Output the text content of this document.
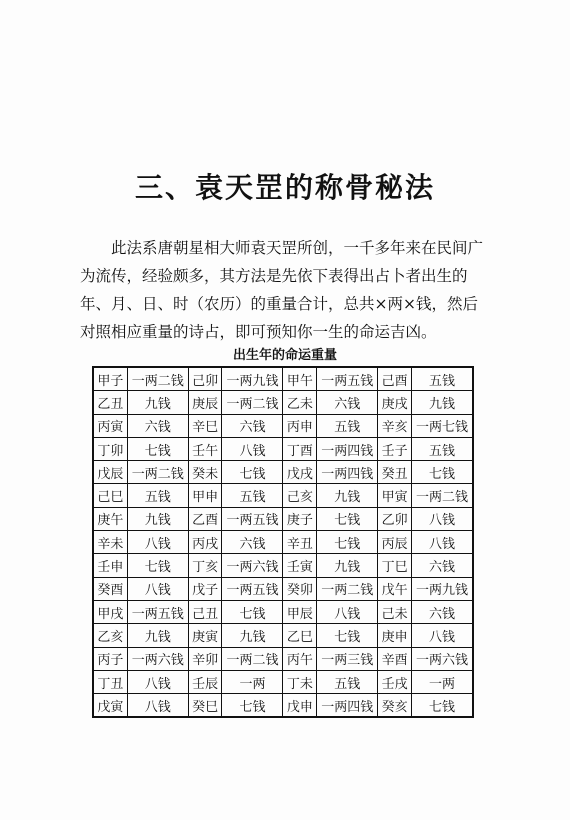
三、袁天罡的称骨秘法
此法系唐朝星相大师袁天罡所创，一千多年来在民间广
为流传，经验颇多，其方法是先依下表得出占卜者出生的
年、月、日、时（农历）的重量合计，总共×两×钱，然后
对照相应重量的诗占，即可预知你一生的命运吉凶。
出生年的命运重量
甲子	一两二钱	己卯	一两九钱	甲午	一两五钱	己酉	五钱
乙丑	九钱	庚辰	一两二钱	乙未	六钱	庚戌	九钱
丙寅	六钱	辛巳	六钱	丙申	五钱	辛亥	一两七钱
丁卯	七钱	壬午	八钱	丁酉	一两四钱	壬子	五钱
戊辰	一两二钱	癸未	七钱	戊戌	一两四钱	癸丑	七钱
己巳	五钱	甲申	五钱	己亥	九钱	甲寅	一两二钱
庚午	九钱	乙酉	一两五钱	庚子	七钱	乙卯	八钱
辛未	八钱	丙戌	六钱	辛丑	七钱	丙辰	八钱
壬申	七钱	丁亥	一两六钱	壬寅	九钱	丁巳	六钱
癸酉	八钱	戊子	一两五钱	癸卯	一两二钱	戊午	一两九钱
甲戌	一两五钱	己丑	七钱	甲辰	八钱	己未	六钱
乙亥	九钱	庚寅	九钱	乙巳	七钱	庚申	八钱
丙子	一两六钱	辛卯	一两二钱	丙午	一两三钱	辛酉	一两六钱
丁丑	八钱	壬辰	一两	丁未	五钱	壬戌	一两
戊寅	八钱	癸巳	七钱	戊申	一两四钱	癸亥	七钱
